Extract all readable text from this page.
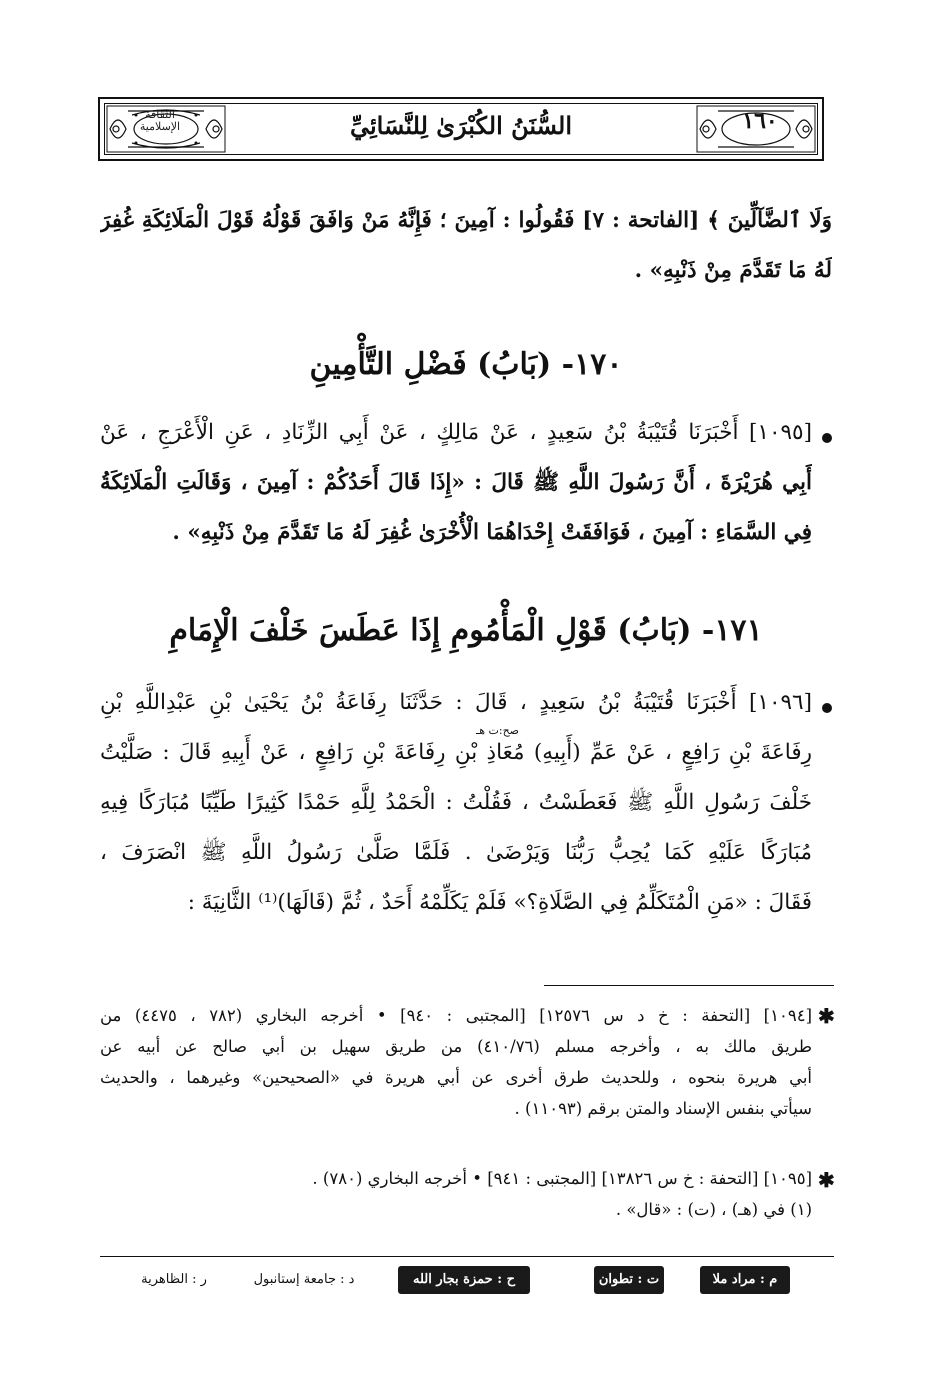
الثقافة الإسلامية	السُّنَنُ الكُبْرَىٰ لِلنَّسَائِيِّ	١٦٠
وَلَا ٱلضَّآلِّينَ ﴾ [الفاتحة : ٧] فَقُولُوا : آمِينَ ؛ فَإِنَّهُ مَنْ وَافَقَ قَوْلُهُ قَوْلَ الْمَلَائِكَةِ غُفِرَ
لَهُ مَا تَقَدَّمَ مِنْ ذَنْبِهِ» .
١٧٠- (بَابُ) فَضْلِ التَّأْمِينِ
[١٠٩٥] أَخْبَرَنَا قُتَيْبَةُ بْنُ سَعِيدٍ ، عَنْ مَالِكٍ ، عَنْ أَبِي الزِّنَادِ ، عَنِ الْأَعْرَجِ ، عَنْ
أَبِي هُرَيْرَةَ ، أَنَّ رَسُولَ اللَّهِ ﷺ قَالَ : «إِذَا قَالَ أَحَدُكُمْ : آمِينَ ، وَقَالَتِ الْمَلَائِكَةُ
فِي السَّمَاءِ : آمِينَ ، فَوَافَقَتْ إِحْدَاهُمَا الْأُخْرَىٰ غُفِرَ لَهُ مَا تَقَدَّمَ مِنْ ذَنْبِهِ» .
١٧١- (بَابُ) قَوْلِ الْمَأْمُومِ إِذَا عَطَسَ خَلْفَ الْإِمَامِ
صح:ت هـ
[١٠٩٦] أَخْبَرَنَا قُتَيْبَةُ بْنُ سَعِيدٍ ، قَالَ : حَدَّثَنَا رِفَاعَةُ بْنُ يَحْيَىٰ بْنِ عَبْدِاللَّهِ بْنِ
رِفَاعَةَ بْنِ رَافِعٍ ، عَنْ عَمِّ (أَبِيهِ) مُعَاذِ بْنِ رِفَاعَةَ بْنِ رَافِعٍ ، عَنْ أَبِيهِ قَالَ : صَلَّيْتُ
خَلْفَ رَسُولِ اللَّهِ ﷺ فَعَطَسْتُ ، فَقُلْتُ : الْحَمْدُ لِلَّهِ حَمْدًا كَثِيرًا طَيِّبًا مُبَارَكًا فِيهِ
مُبَارَكًا عَلَيْهِ كَمَا يُحِبُّ رَبُّنَا وَيَرْضَىٰ . فَلَمَّا صَلَّىٰ رَسُولُ اللَّهِ ﷺ انْصَرَفَ ،
فَقَالَ : «مَنِ الْمُتَكَلِّمُ فِي الصَّلَاةِ؟» فَلَمْ يَكَلِّمْهُ أَحَدٌ ، ثُمَّ (قَالَهَا)⁽¹⁾ الثَّانِيَةَ :
✱
[١٠٩٤] [التحفة : خ د س ١٢٥٧٦] [المجتبى : ٩٤٠] • أخرجه البخاري (٧٨٢ ، ٤٤٧٥) من
طريق مالك به ، وأخرجه مسلم (٤١٠/٧٦) من طريق سهيل بن أبي صالح عن أبيه عن
أبي هريرة بنحوه ، وللحديث طرق أخرى عن أبي هريرة في «الصحيحين» وغيرهما ، والحديث
سيأتي بنفس الإسناد والمتن برقم (١١٠٩٣) .
✱
[١٠٩٥] [التحفة : خ س ١٣٨٢٦] [المجتبى : ٩٤١] • أخرجه البخاري (٧٨٠) .
(١) في (هـ) ، (ت) : «قال» .
م : مراد ملا
ت : تطوان
ح : حمزة بجار الله
د : جامعة إستانبول
ر : الظاهرية
